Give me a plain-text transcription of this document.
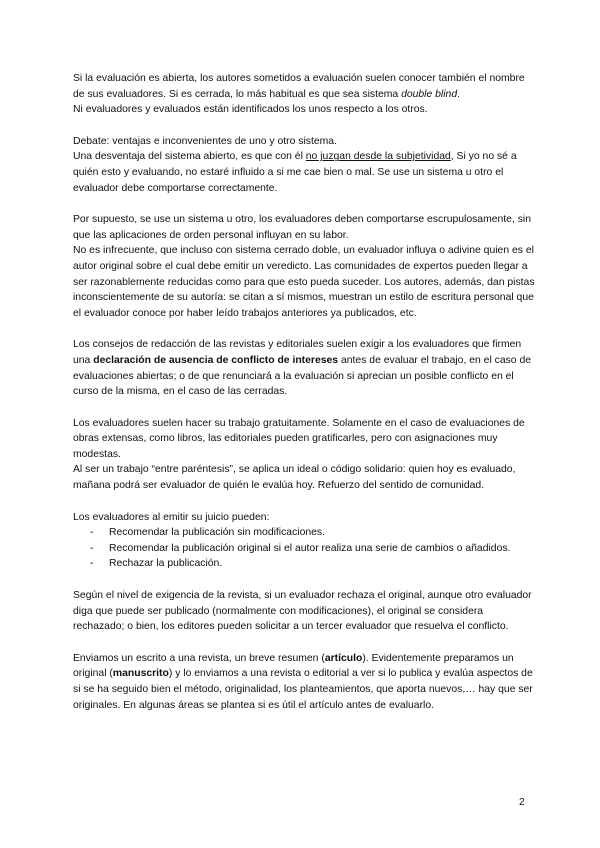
Si la evaluación es abierta, los autores sometidos a evaluación suelen conocer también el nombre de sus evaluadores. Si es cerrada, lo más habitual es que sea sistema double blind.

Ni evaluadores y evaluados están identificados los unos respecto a los otros.

Debate: ventajas e inconvenientes de uno y otro sistema.

Una desventaja del sistema abierto, es que con él no juzgan desde la subjetividad, Si yo no sé a quién esto y evaluando, no estaré influido a si me cae bien o mal. Se use un sistema u otro el evaluador debe comportarse correctamente.

Por supuesto, se use un sistema u otro, los evaluadores deben comportarse escrupulosamente, sin que las aplicaciones de orden personal influyan en su labor.

No es infrecuente, que incluso con sistema cerrado doble, un evaluador influya o adivine quien es el autor original sobre el cual debe emitir un veredicto. Las comunidades de expertos pueden llegar a ser razonablemente reducidas como para que esto pueda suceder. Los autores, además, dan pistas inconscientemente de su autoría: se citan a sí mismos, muestran un estilo de escritura personal que el evaluador conoce por haber leído trabajos anteriores ya publicados, etc.

Los consejos de redacción de las revistas y editoriales suelen exigir a los evaluadores que firmen una declaración de ausencia de conflicto de intereses antes de evaluar el trabajo, en el caso de evaluaciones abiertas; o de que renunciará a la evaluación si aprecian un posible conflicto en el curso de la misma, en el caso de las cerradas.

Los evaluadores suelen hacer su trabajo gratuitamente. Solamente en el caso de evaluaciones de obras extensas, como libros, las editoriales pueden gratificarles, pero con asignaciones muy modestas.

Al ser un trabajo “entre paréntesis”, se aplica un ideal o código solidario: quien hoy es evaluado, mañana podrá ser evaluador de quién le evalúa hoy. Refuerzo del sentido de comunidad.

Los evaluadores al emitir su juicio pueden:

- Recomendar la publicación sin modificaciones.
- Recomendar la publicación original si el autor realiza una serie de cambios o añadidos.
- Rechazar la publicación.

Según el nivel de exigencia de la revista, si un evaluador rechaza el original, aunque otro evaluador diga que puede ser publicado (normalmente con modificaciones), el original se considera rechazado; o bien, los editores pueden solicitar a un tercer evaluador que resuelva el conflicto.

Enviamos un escrito a una revista, un breve resumen (artículo). Evidentemente preparamos un original (manuscrito) y lo enviamos a una revista o editorial a ver si lo publica y evalúa aspectos de si se ha seguido bien el método, originalidad, los planteamientos, que aporta nuevos,… hay que ser originales. En algunas áreas se plantea si es útil el artículo antes de evaluarlo.

2
